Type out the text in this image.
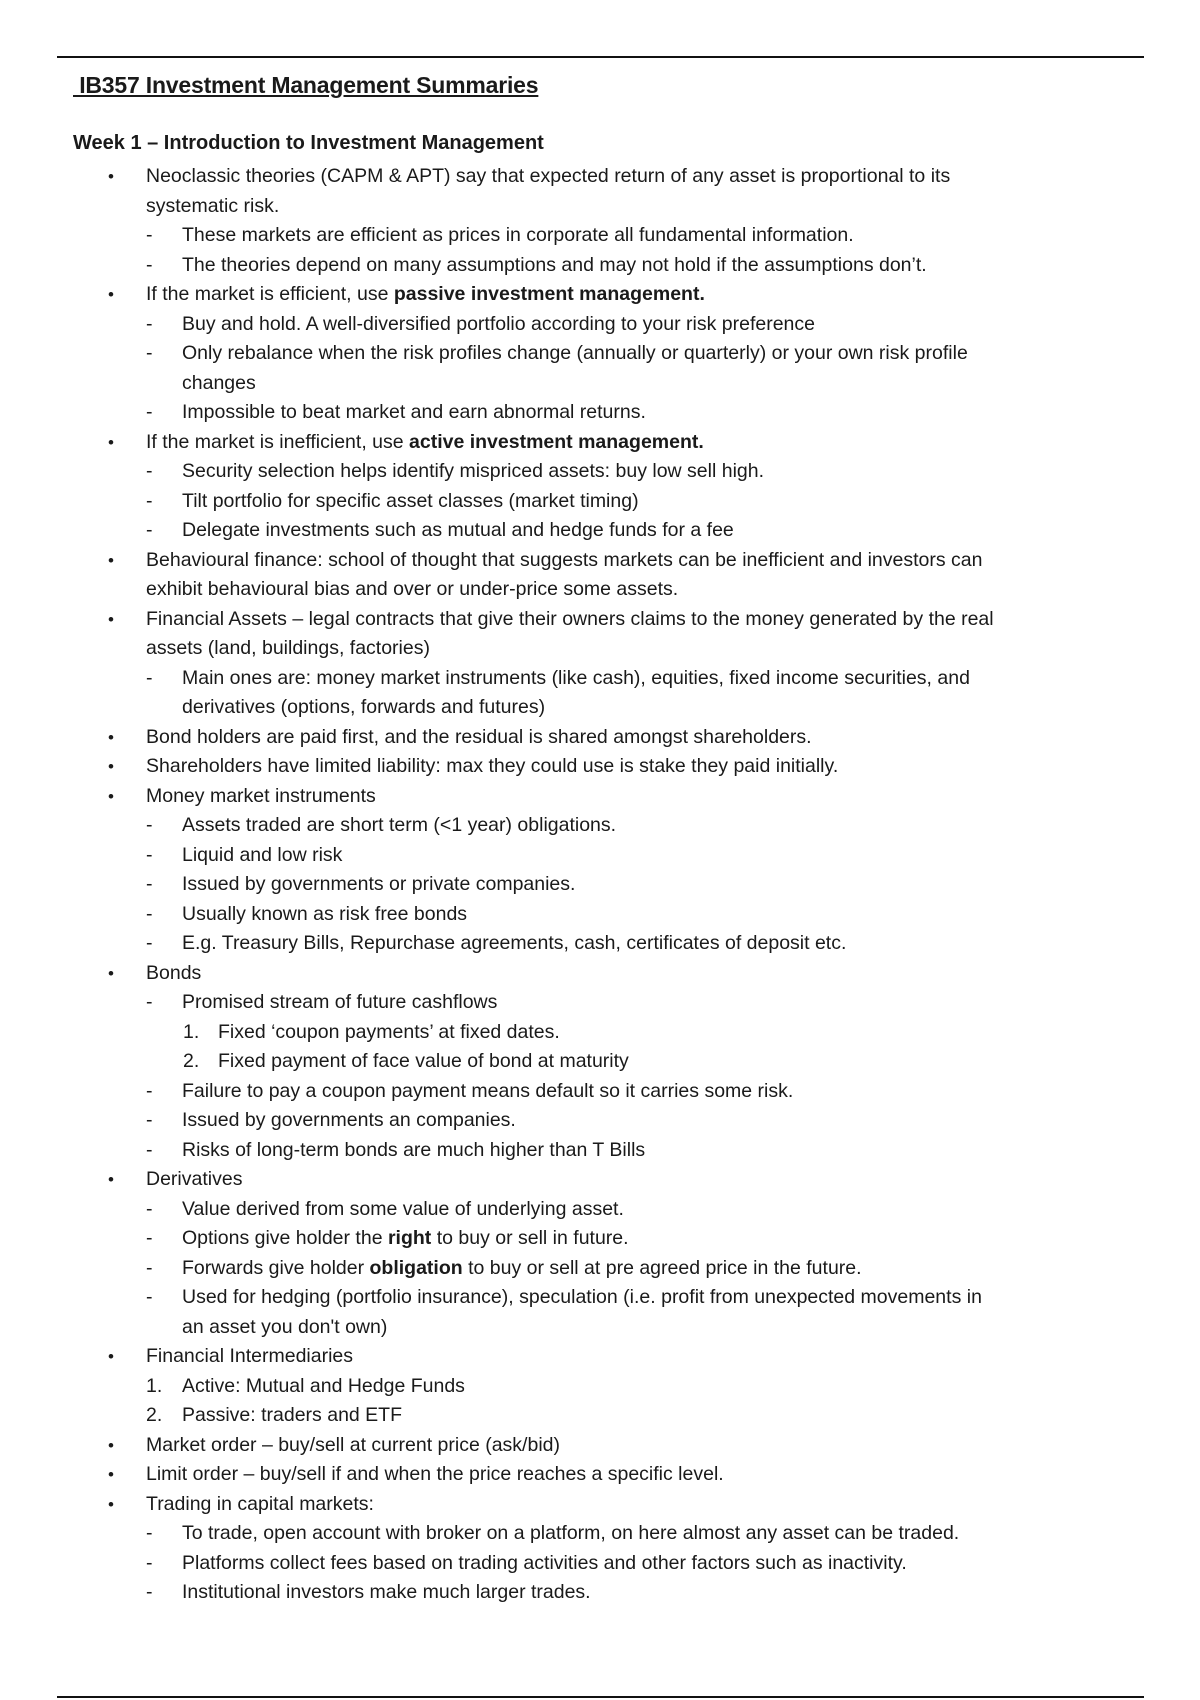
IB357 Investment Management Summaries
Week 1 – Introduction to Investment Management
• Neoclassic theories (CAPM & APT) say that expected return of any asset is proportional to its
systematic risk.
- These markets are efficient as prices in corporate all fundamental information.
- The theories depend on many assumptions and may not hold if the assumptions don’t.
• If the market is efficient, use passive investment management.
- Buy and hold. A well-diversified portfolio according to your risk preference
- Only rebalance when the risk profiles change (annually or quarterly) or your own risk profile
changes
- Impossible to beat market and earn abnormal returns.
• If the market is inefficient, use active investment management.
- Security selection helps identify mispriced assets: buy low sell high.
- Tilt portfolio for specific asset classes (market timing)
- Delegate investments such as mutual and hedge funds for a fee
• Behavioural finance: school of thought that suggests markets can be inefficient and investors can
exhibit behavioural bias and over or under-price some assets.
• Financial Assets – legal contracts that give their owners claims to the money generated by the real
assets (land, buildings, factories)
- Main ones are: money market instruments (like cash), equities, fixed income securities, and
derivatives (options, forwards and futures)
• Bond holders are paid first, and the residual is shared amongst shareholders.
• Shareholders have limited liability: max they could use is stake they paid initially.
• Money market instruments
- Assets traded are short term (<1 year) obligations.
- Liquid and low risk
- Issued by governments or private companies.
- Usually known as risk free bonds
- E.g. Treasury Bills, Repurchase agreements, cash, certificates of deposit etc.
• Bonds
- Promised stream of future cashflows
1. Fixed ‘coupon payments’ at fixed dates.
2. Fixed payment of face value of bond at maturity
- Failure to pay a coupon payment means default so it carries some risk.
- Issued by governments an companies.
- Risks of long-term bonds are much higher than T Bills
• Derivatives
- Value derived from some value of underlying asset.
- Options give holder the right to buy or sell in future.
- Forwards give holder obligation to buy or sell at pre agreed price in the future.
- Used for hedging (portfolio insurance), speculation (i.e. profit from unexpected movements in
an asset you don't own)
• Financial Intermediaries
1. Active: Mutual and Hedge Funds
2. Passive: traders and ETF
• Market order – buy/sell at current price (ask/bid)
• Limit order – buy/sell if and when the price reaches a specific level.
• Trading in capital markets:
- To trade, open account with broker on a platform, on here almost any asset can be traded.
- Platforms collect fees based on trading activities and other factors such as inactivity.
- Institutional investors make much larger trades.
